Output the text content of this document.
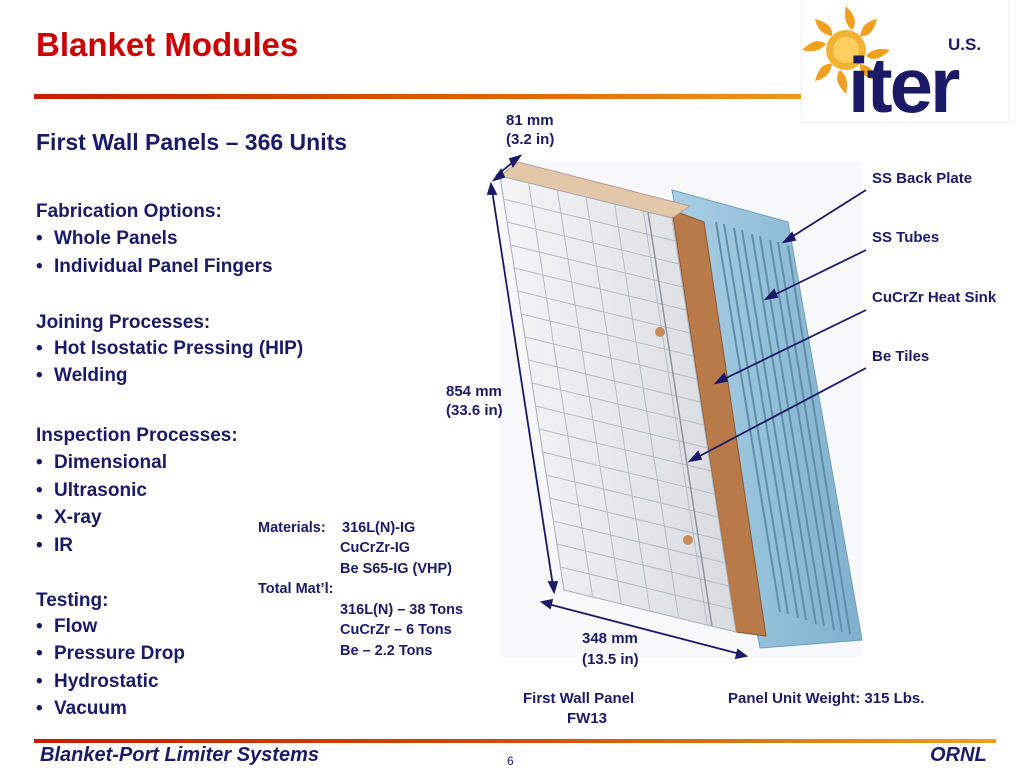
Blanket Modules	U.S.
iter
First Wall Panels – 366 Units
Fabrication Options:
• Whole Panels
• Individual Panel Fingers
Joining Processes:
• Hot Isostatic Pressing (HIP)
• Welding
Inspection Processes:
• Dimensional
• Ultrasonic
• X-ray
• IR
Testing:
• Flow
• Pressure Drop
• Hydrostatic
• Vacuum
Materials: 316L(N)-IG
CuCrZr-IG
Be S65-IG (VHP)
Total Mat’l:
316L(N) – 38 Tons
CuCrZr – 6 Tons
Be – 2.2 Tons
81 mm
(3.2 in)
854 mm
(33.6 in)
348 mm
(13.5 in)
SS Back Plate
SS Tubes
CuCrZr Heat Sink
Be Tiles
First Wall Panel
FW13
Panel Unit Weight: 315 Lbs.
Blanket-Port Limiter Systems	6	ORNL
